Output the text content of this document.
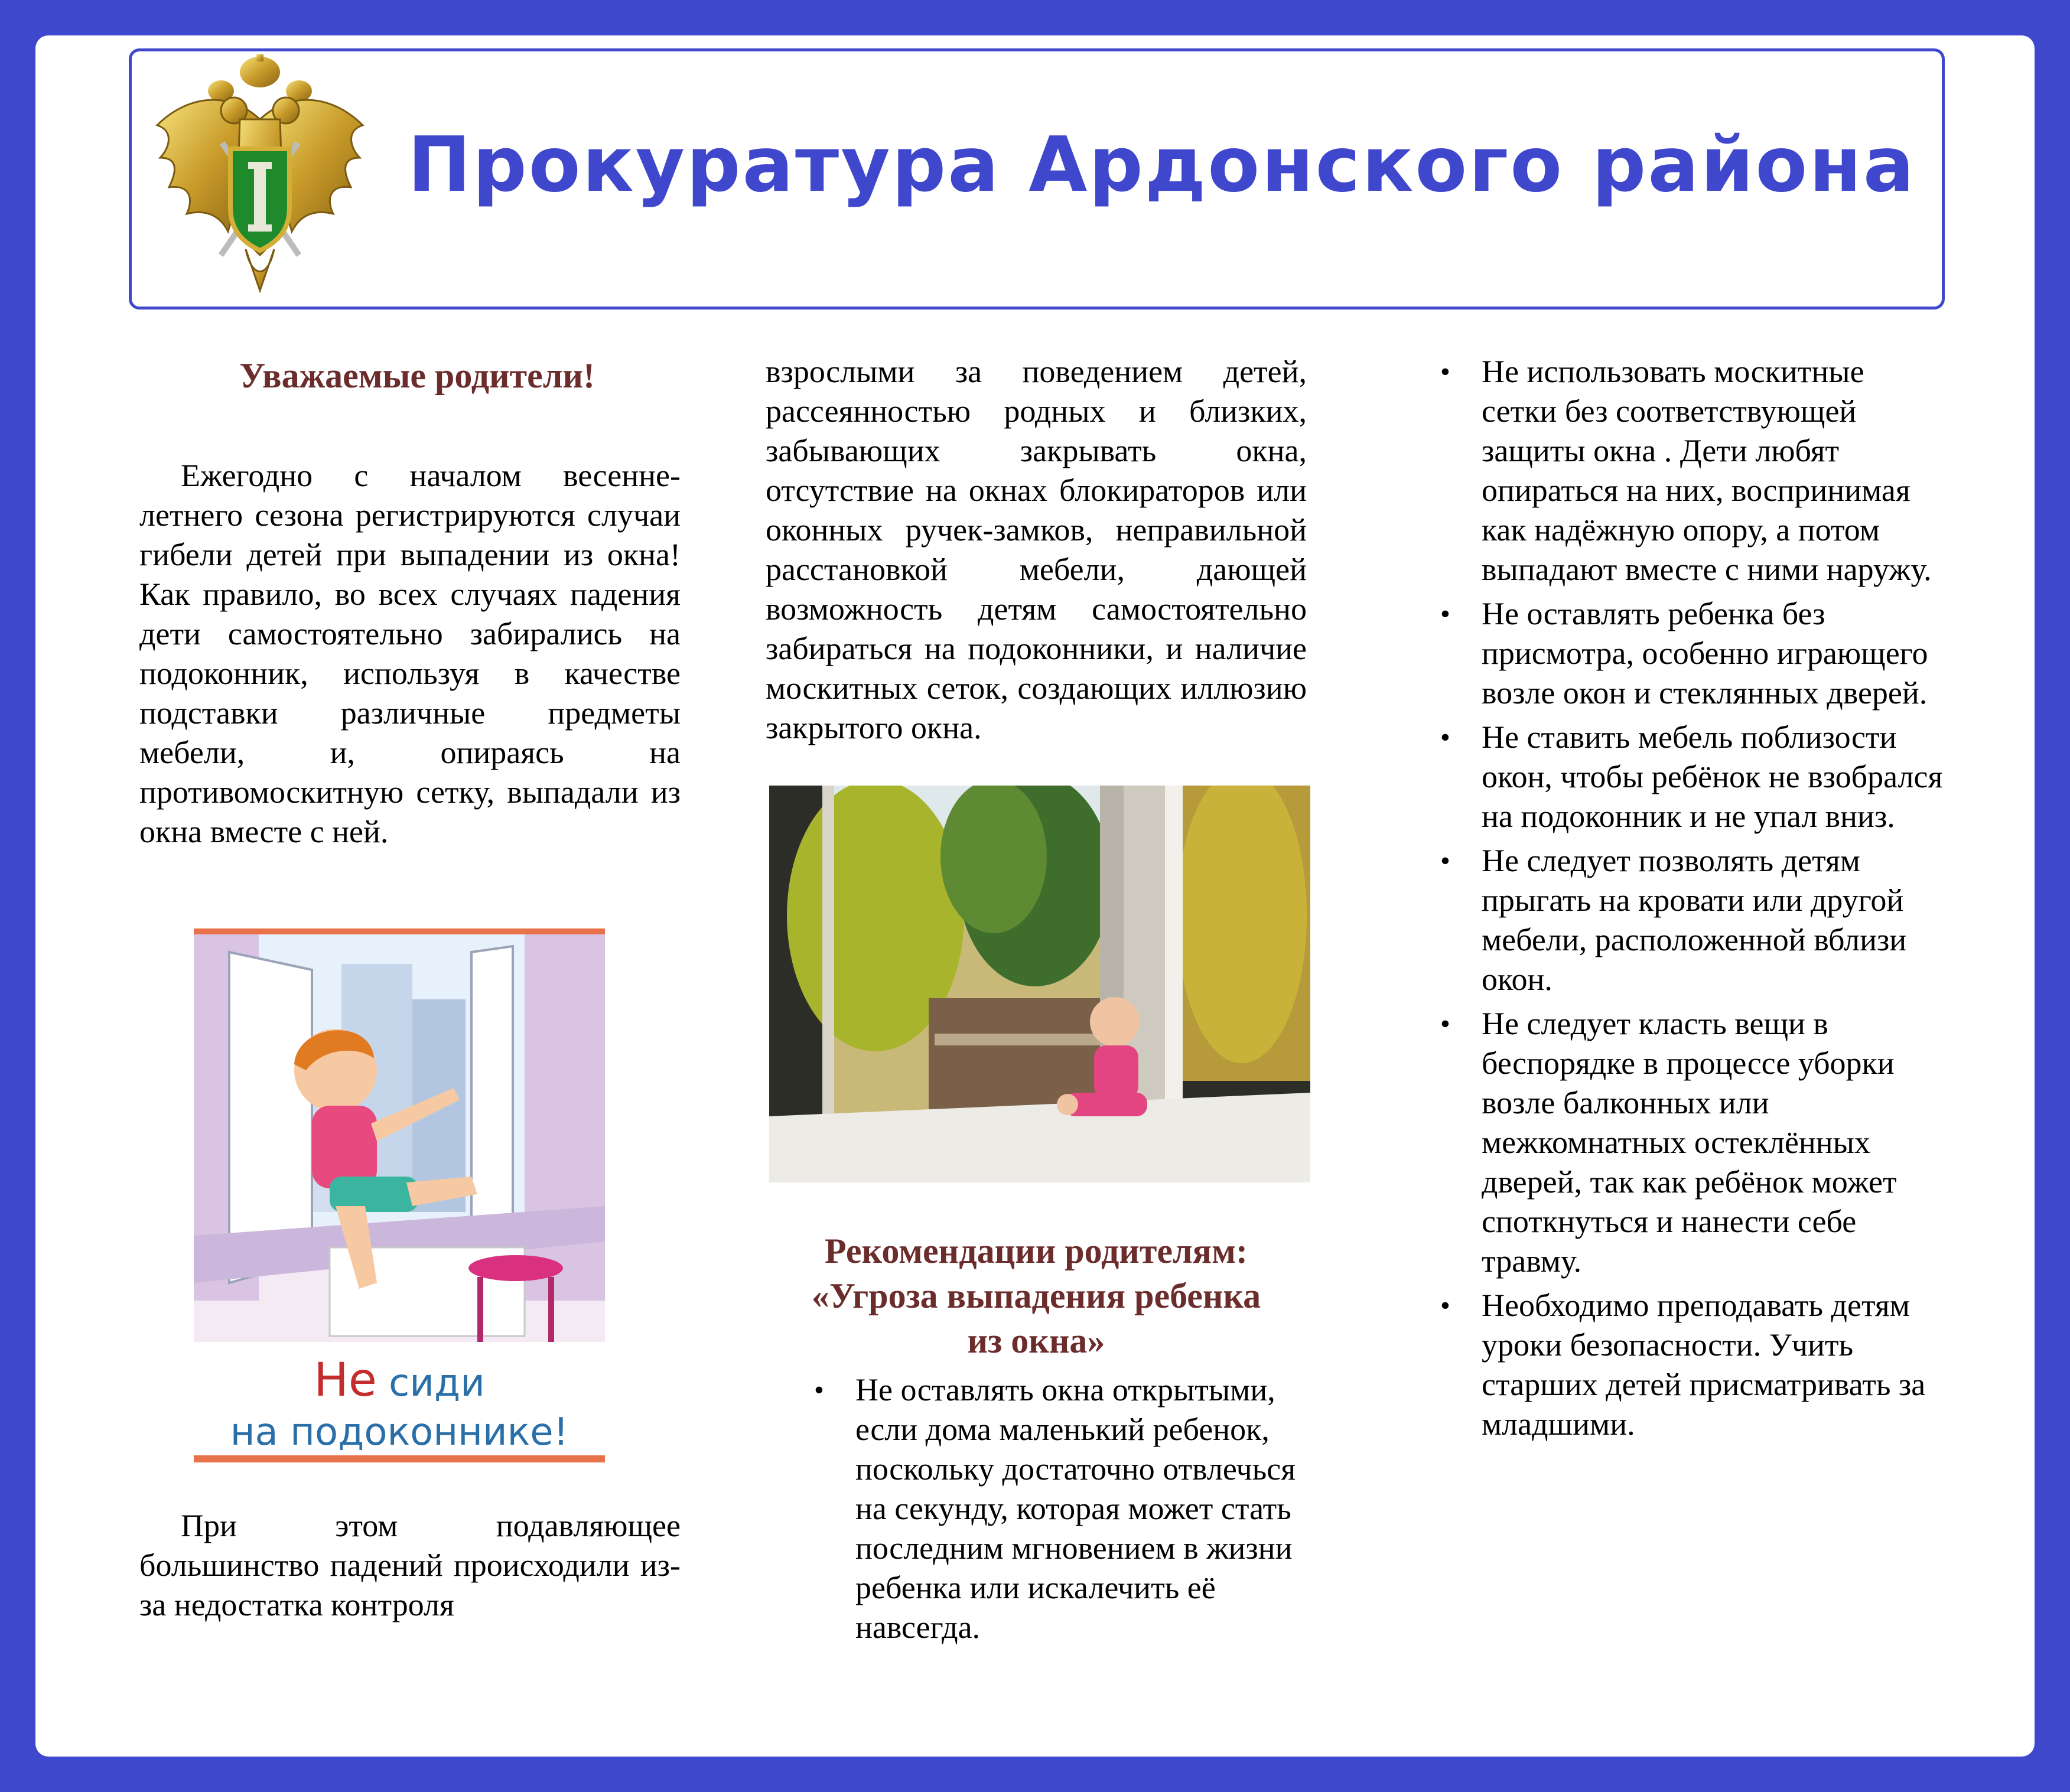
Прокуратура Ардонского района
Уважаемые родители!

Ежегодно с началом весенне-летнего сезона регистрируются случаи гибели детей при выпадении из окна! Как правило, во всех случаях падения дети самостоятельно забирались на подоконник, используя в качестве подставки различные предметы мебели, и, опираясь на противомоскитную сетку, выпадали из окна вместе с ней.

Не сиди
на подоконнике!

При этом подавляющее большинство падений происходили из-за недостатка контроля

взрослыми за поведением детей, рассеянностью родных и близких, забывающих закрывать окна, отсутствие на окнах блокираторов или оконных ручек-замков, неправильной расстановкой мебели, дающей возможность детям самостоятельно забираться на подоконники, и наличие москитных сеток, создающих иллюзию закрытого окна.

Рекомендации родителям:
«Угроза выпадения ребенка
из окна»
• Не оставлять окна открытыми, если дома маленький ребенок, поскольку достаточно отвлечься на секунду, которая может стать последним мгновением в жизни ребенка или искалечить её навсегда.
• Не использовать москитные сетки без соответствующей защиты окна . Дети любят опираться на них, воспринимая как надёжную опору, а потом выпадают вместе с ними наружу.
• Не оставлять ребенка без присмотра, особенно играющего возле окон и стеклянных дверей.
• Не ставить мебель поблизости окон, чтобы ребёнок не взобрался на подоконник и не упал вниз.
• Не следует позволять детям прыгать на кровати или другой мебели, расположенной вблизи окон.
• Не следует класть вещи в беспорядке в процессе уборки возле балконных или межкомнатных остеклённых дверей, так как ребёнок может споткнуться и нанести себе травму.
• Необходимо преподавать детям уроки безопасности. Учить старших детей присматривать за младшими.
